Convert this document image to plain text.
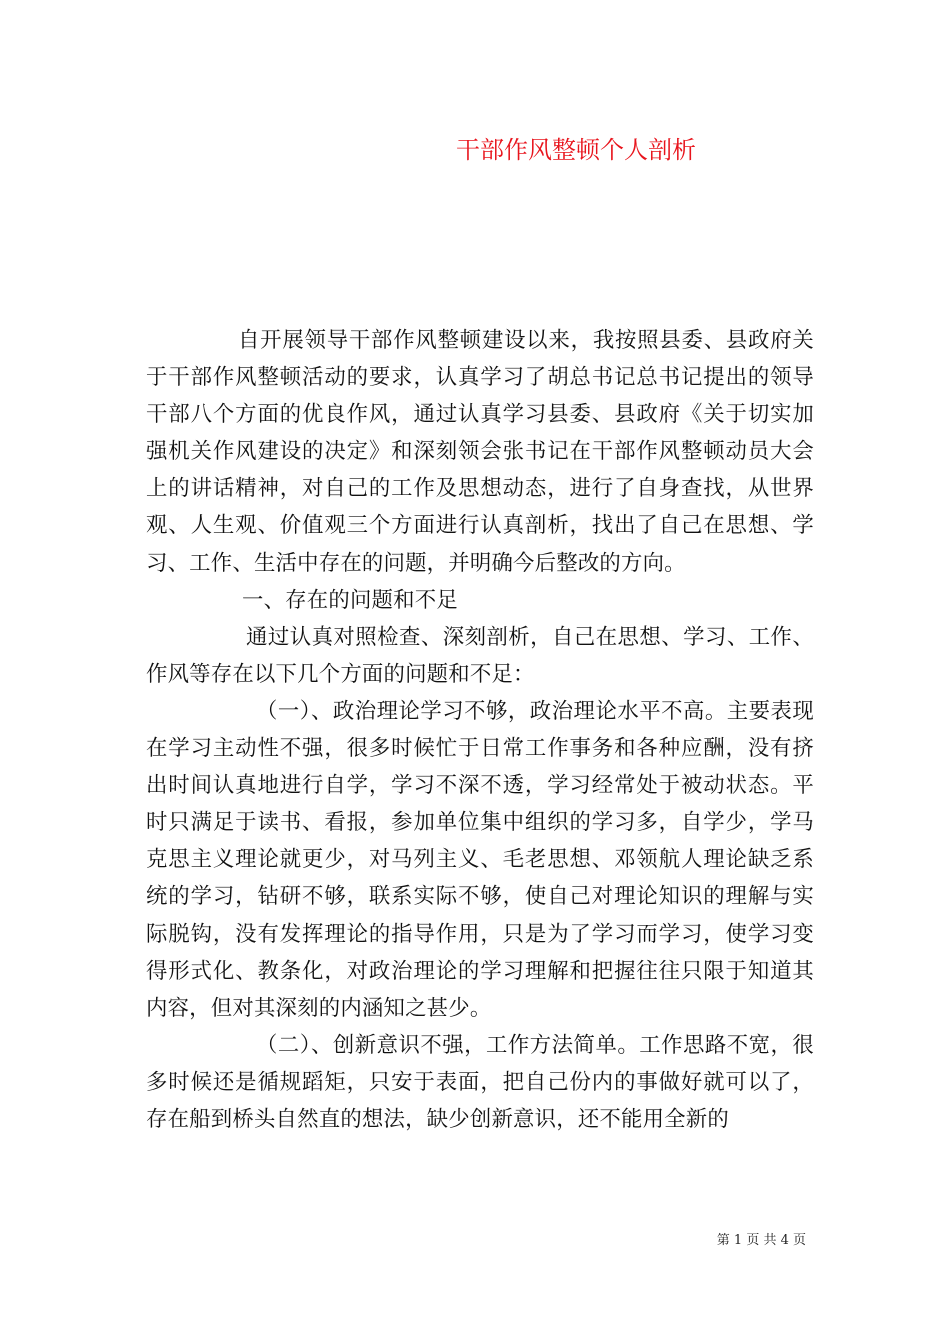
干部作风整顿个人剖析

自开展领导干部作风整顿建设以来，我按照县委、县政府关于干部作风整顿活动的要求，认真学习了胡总书记总书记提出的领导干部八个方面的优良作风，通过认真学习县委、县政府《关于切实加强机关作风建设的决定》和深刻领会张书记在干部作风整顿动员大会上的讲话精神，对自己的工作及思想动态，进行了自身查找，从世界观、人生观、价值观三个方面进行认真剖析，找出了自己在思想、学习、工作、生活中存在的问题，并明确今后整改的方向。

一、存在的问题和不足

通过认真对照检查、深刻剖析，自己在思想、学习、工作、作风等存在以下几个方面的问题和不足：

（一）、政治理论学习不够，政治理论水平不高。主要表现在学习主动性不强，很多时候忙于日常工作事务和各种应酬，没有挤出时间认真地进行自学，学习不深不透，学习经常处于被动状态。平时只满足于读书、看报，参加单位集中组织的学习多，自学少，学马克思主义理论就更少，对马列主义、毛老思想、邓领航人理论缺乏系统的学习，钻研不够，联系实际不够，使自己对理论知识的理解与实际脱钩，没有发挥理论的指导作用，只是为了学习而学习，使学习变得形式化、教条化，对政治理论的学习理解和把握往往只限于知道其内容，但对其深刻的内涵知之甚少。

（二）、创新意识不强，工作方法简单。工作思路不宽，很多时候还是循规蹈矩，只安于表面，把自己份内的事做好就可以了，存在船到桥头自然直的想法，缺少创新意识，还不能用全新的

第 1 页 共 4 页
